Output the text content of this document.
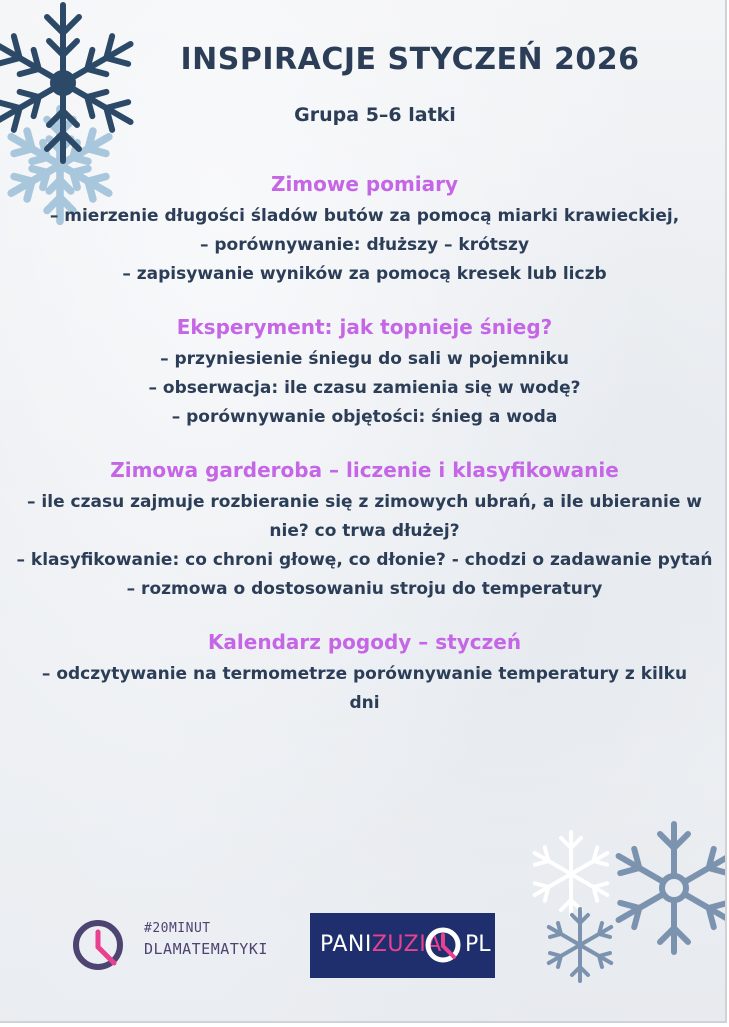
INSPIRACJE STYCZEŃ 2026
Grupa 5–6 latki
Zimowe pomiary

– mierzenie długości śladów butów za pomocą miarki krawieckiej,

– porównywanie: dłuższy – krótszy

– zapisywanie wyników za pomocą kresek lub liczb

Eksperyment: jak topnieje śnieg?

– przyniesienie śniegu do sali w pojemniku

– obserwacja: ile czasu zamienia się w wodę?

– porównywanie objętości: śnieg a woda

Zimowa garderoba – liczenie i klasyfikowanie

– ile czasu zajmuje rozbieranie się z zimowych ubrań, a ile ubieranie w nie? co trwa dłużej?

– klasyfikowanie: co chroni głowę, co dłonie? - chodzi o zadawanie pytań

– rozmowa o dostosowaniu stroju do temperatury

Kalendarz pogody – styczeń

– odczytywanie na termometrze porównywanie temperatury z kilku dni

#20MINUT
DLAMATEMATYKI PANIZUZIA PL
